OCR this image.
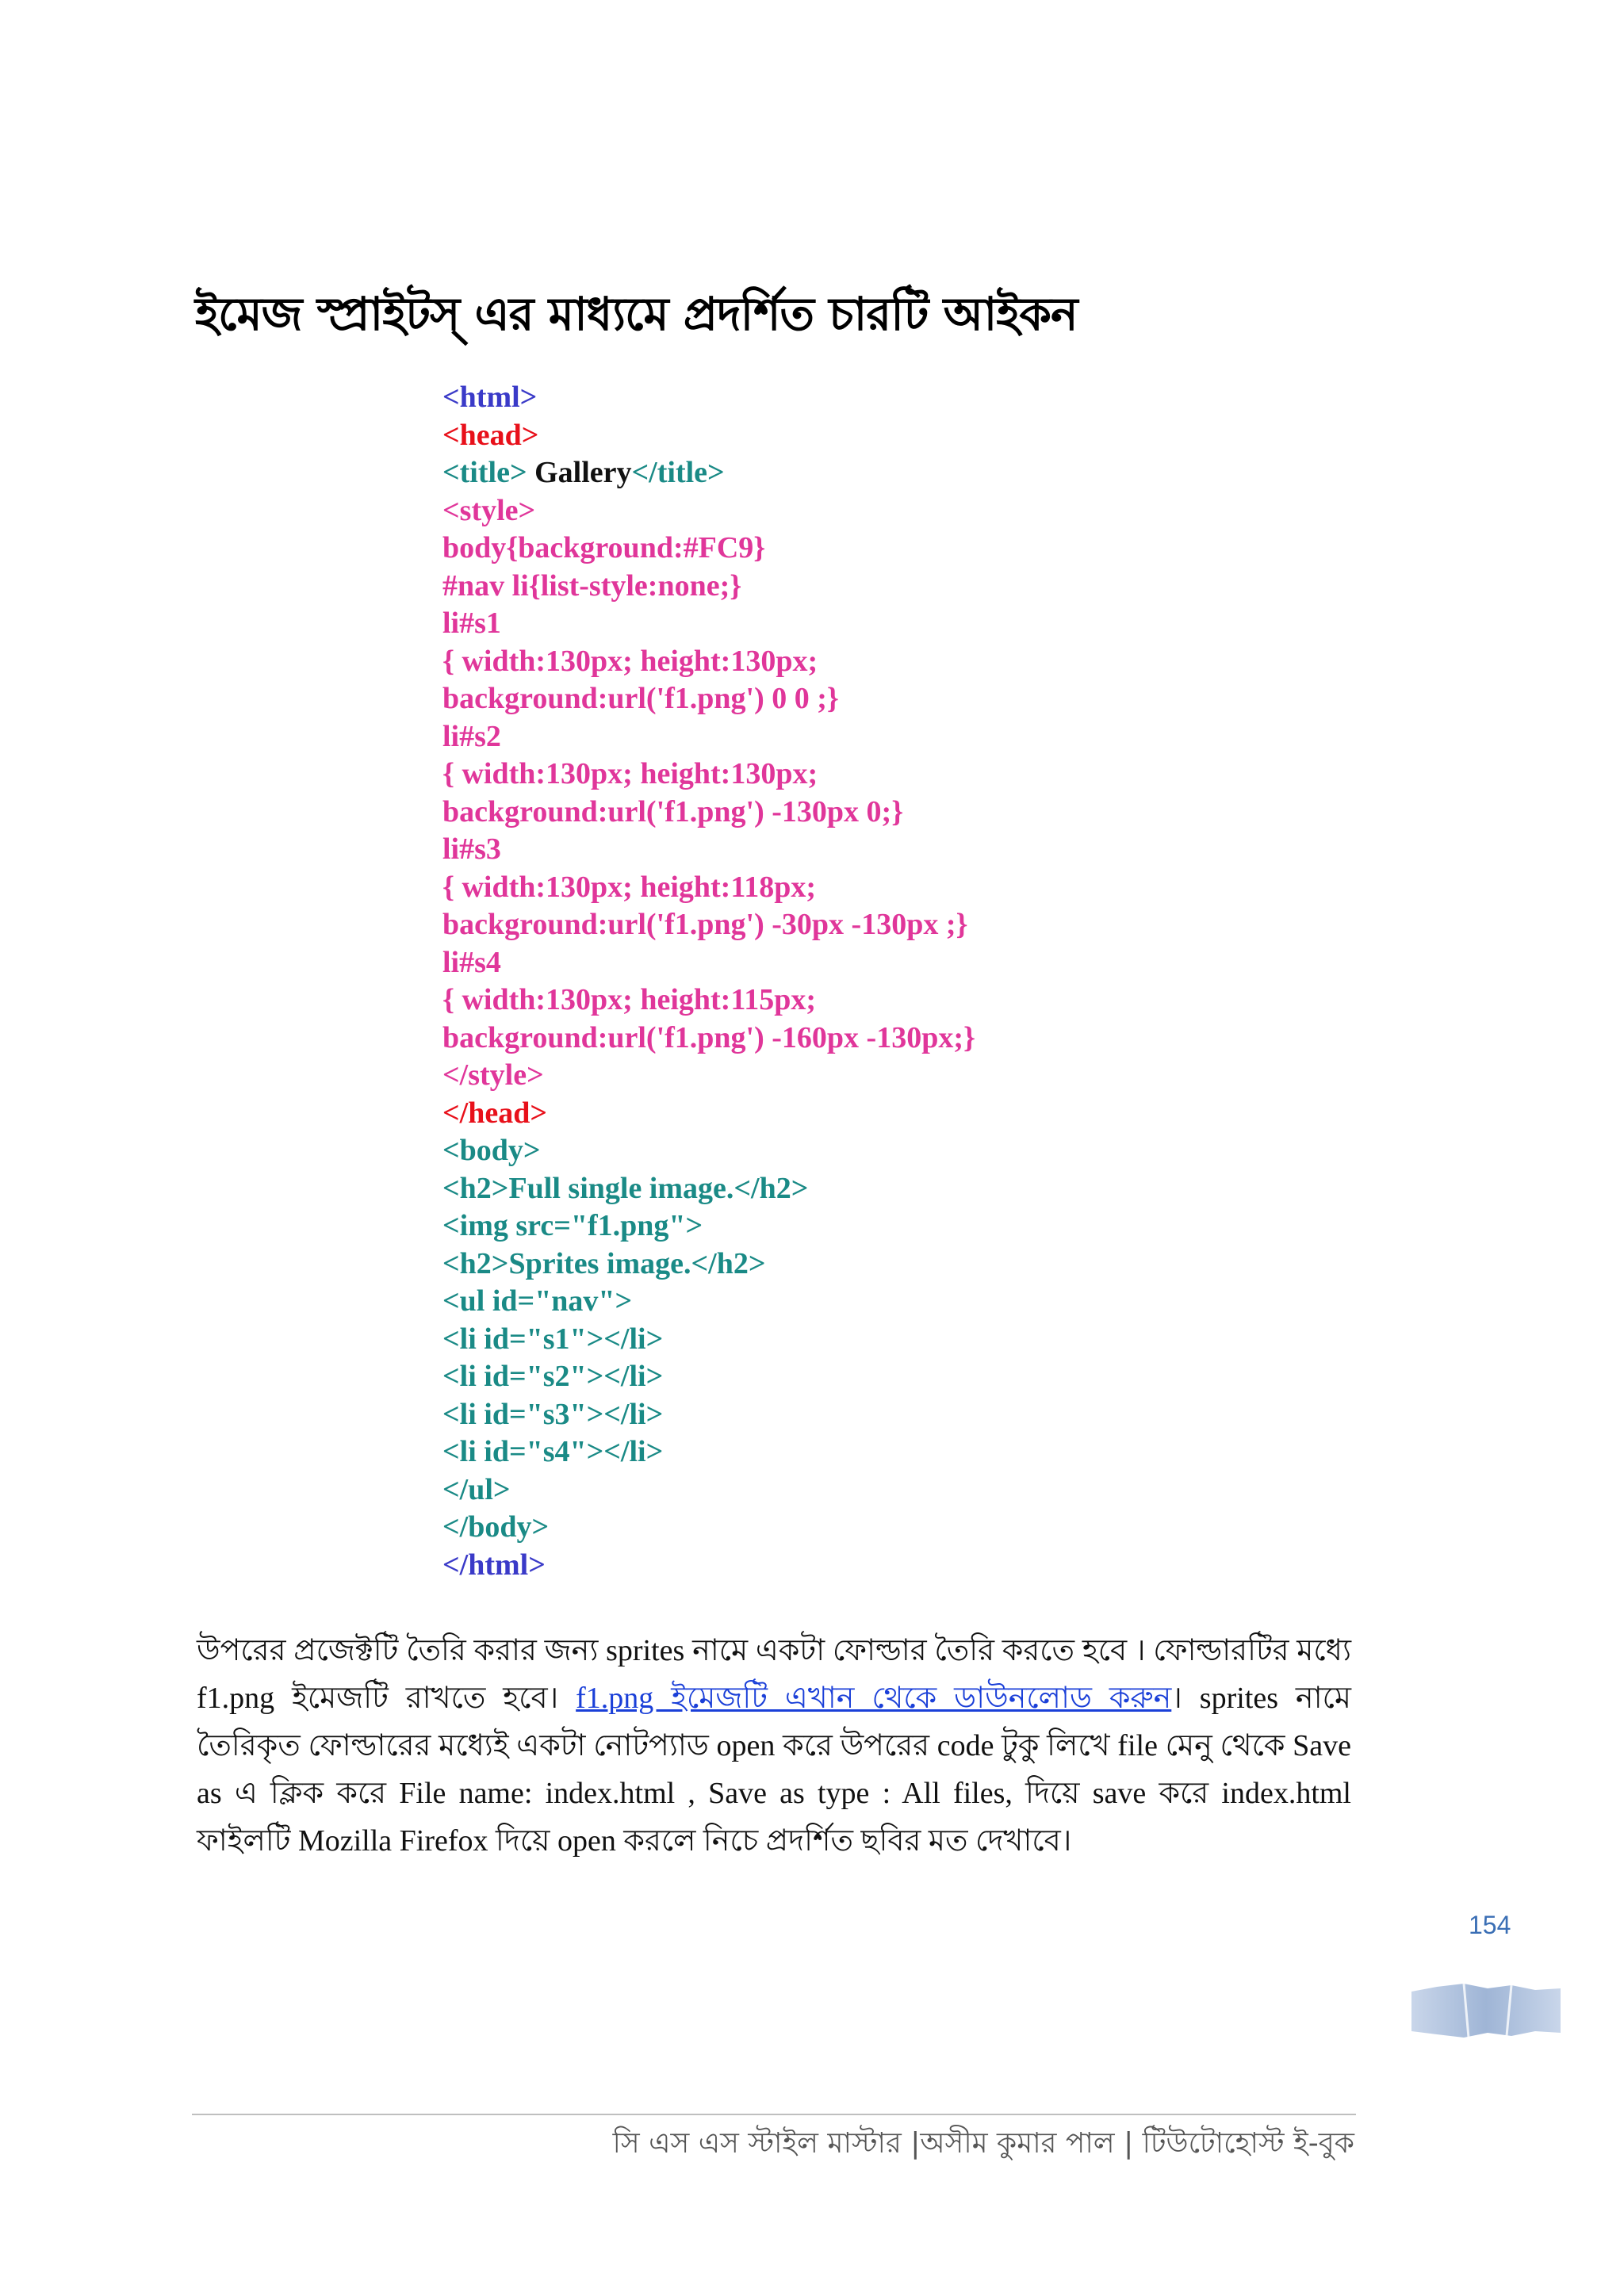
ইমেজ স্প্রাইটস্ এর মাধ্যমে প্রদর্শিত চারটি আইকন
<html>
<head>
<title> Gallery</title>
<style>
body{background:#FC9}
#nav li{list-style:none;}
li#s1
{ width:130px; height:130px;
background:url('f1.png') 0 0 ;}
li#s2
{ width:130px; height:130px;
background:url('f1.png') -130px 0;}
li#s3
{ width:130px; height:118px;
background:url('f1.png') -30px -130px ;}
li#s4
{ width:130px; height:115px;
background:url('f1.png') -160px -130px;}
</style>
</head>
<body>
<h2>Full single image.</h2>
<img src="f1.png">
<h2>Sprites image.</h2>
<ul id="nav">
<li id="s1"></li>
<li id="s2"></li>
<li id="s3"></li>
<li id="s4"></li>
</ul>
</body>
</html>
উপরের প্রজেক্টটি তৈরি করার জন্য sprites নামে একটা ফোল্ডার তৈরি করতে হবে । ফোল্ডারটির মধ্যে f1.png ইমেজটি রাখতে হবে। f1.png ইমেজটি এখান থেকে ডাউনলোড করুন। sprites নামে তৈরিকৃত ফোল্ডারের মধ্যেই একটা নোটপ্যাড open করে উপরের code টুকু লিখে file মেনু থেকে Save as এ ক্লিক করে File name: index.html , Save as type : All files, দিয়ে save করে index.html ফাইলটি Mozilla Firefox দিয়ে open করলে নিচে প্রদর্শিত ছবির মত দেখাবে।
154
সি এস এস স্টাইল মাস্টার |অসীম কুমার পাল | টিউটোহোস্ট ই-বুক
